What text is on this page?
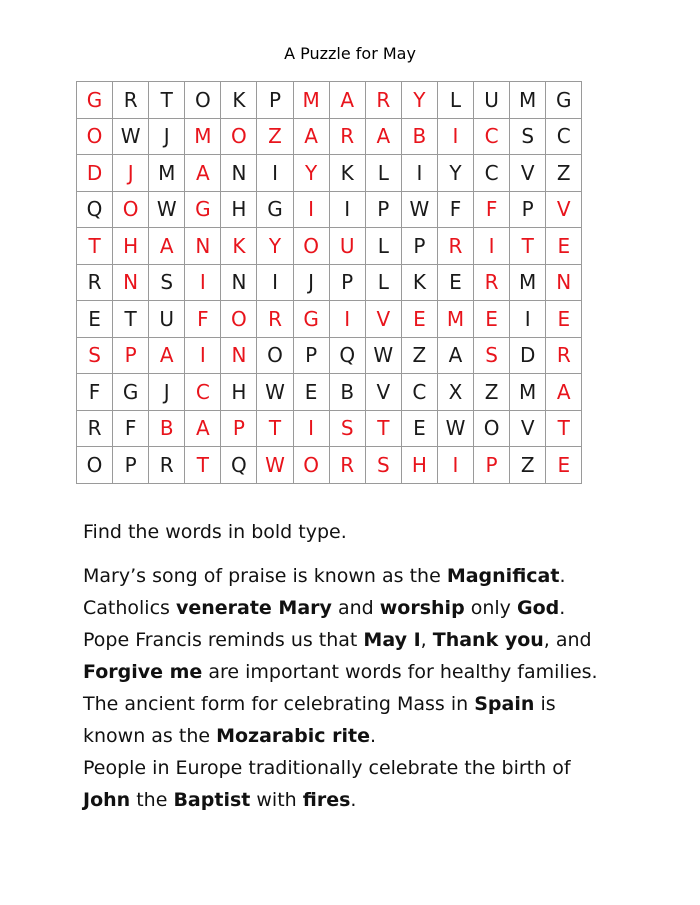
A Puzzle for May
G	R	T	O	K	P	M	A	R	Y	L	U	M	G
O	W	J	M	O	Z	A	R	A	B	I	C	S	C
D	J	M	A	N	I	Y	K	L	I	Y	C	V	Z
Q	O	W	G	H	G	I	I	P	W	F	F	P	V
T	H	A	N	K	Y	O	U	L	P	R	I	T	E
R	N	S	I	N	I	J	P	L	K	E	R	M	N
E	T	U	F	O	R	G	I	V	E	M	E	I	E
S	P	A	I	N	O	P	Q	W	Z	A	S	D	R
F	G	J	C	H	W	E	B	V	C	X	Z	M	A
R	F	B	A	P	T	I	S	T	E	W	O	V	T
O	P	R	T	Q	W	O	R	S	H	I	P	Z	E

Find the words in bold type.

Mary’s song of praise is known as the Magnificat.
Catholics venerate Mary and worship only God.
Pope Francis reminds us that May I, Thank you, and
Forgive me are important words for healthy families.
The ancient form for celebrating Mass in Spain is
known as the Mozarabic rite.
People in Europe traditionally celebrate the birth of
John the Baptist with fires.
